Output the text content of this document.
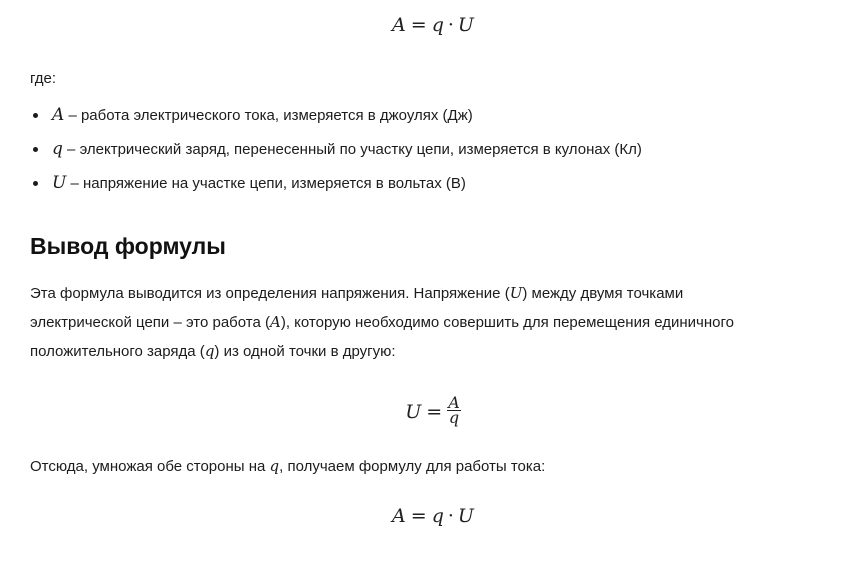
A = q · U
где:
A – работа электрического тока, измеряется в джоулях (Дж)
q – электрический заряд, перенесенный по участку цепи, измеряется в кулонах (Кл)
U – напряжение на участке цепи, измеряется в вольтах (В)
Вывод формулы
Эта формула выводится из определения напряжения. Напряжение (U) между двумя точками
электрической цепи – это работа (A), которую необходимо совершить для перемещения единичного
положительного заряда (q) из одной точки в другую:
$U = \frac{A}{q}$
Отсюда, умножая обе стороны на q, получаем формулу для работы тока:
A = q · U
